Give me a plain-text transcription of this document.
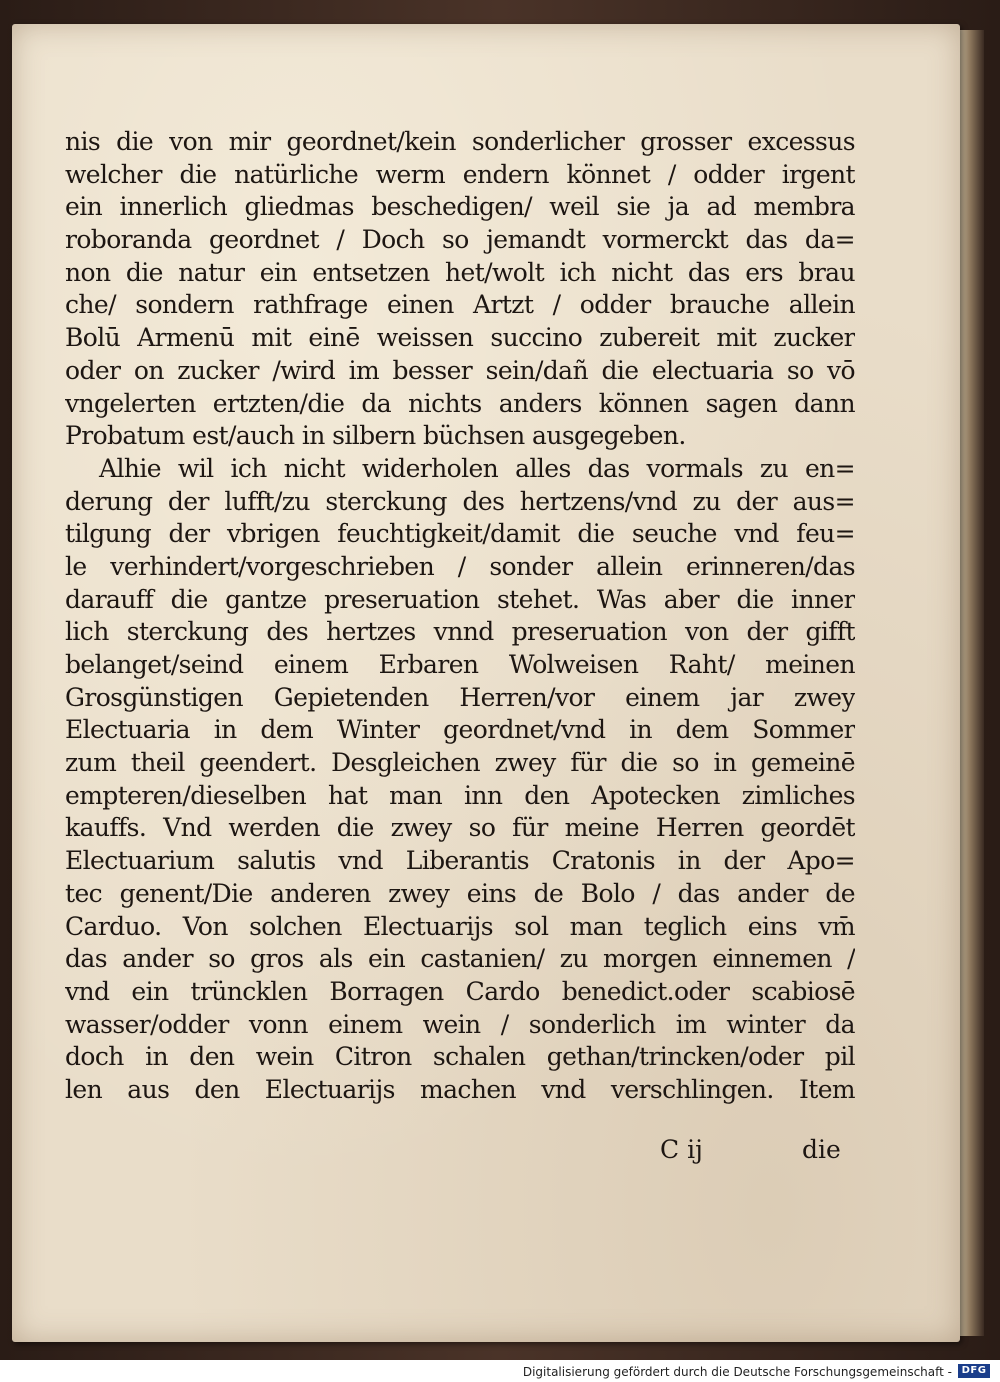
nis die von mir geordnet/kein sonderlicher grosser excessus
welcher die natürliche werm endern könnet / odder irgent
ein innerlich gliedmas beschedigen/ weil sie ja ad membra
roboranda geordnet / Doch so jemandt vormerckt das da=
non die natur ein entsetzen het/wolt ich nicht das ers brau
che/ sondern rathfrage einen Artzt / odder brauche allein
Bolū Armenū mit einē weissen succino zubereit mit zucker
oder on zucker /wird im besser sein/dañ die electuaria so vō
vngelerten ertzten/die da nichts anders können sagen dann
Probatum est/auch in silbern büchsen ausgegeben.
Alhie wil ich nicht widerholen alles das vormals zu en=
derung der lufft/zu sterckung des hertzens/vnd zu der aus=
tilgung der vbrigen feuchtigkeit/damit die seuche vnd feu=
le verhindert/vorgeschrieben / sonder allein erinneren/das
darauff die gantze preseruation stehet. Was aber die inner
lich sterckung des hertzes vnnd preseruation von der gifft
belanget/seind einem Erbaren Wolweisen Raht/ meinen
Grosgünstigen Gepietenden Herren/vor einem jar zwey
Electuaria in dem Winter geordnet/vnd in dem Sommer
zum theil geendert. Desgleichen zwey für die so in gemeinē
empteren/dieselben hat man inn den Apotecken zimliches
kauffs. Vnd werden die zwey so für meine Herren geordēt
Electuarium salutis vnd Liberantis Cratonis in der Apo=
tec genent/Die anderen zwey eins de Bolo / das ander de
Carduo. Von solchen Electuarijs sol man teglich eins vm̄
das ander so gros als ein castanien/ zu morgen einnemen /
vnd ein trüncklen Borragen Cardo benedict.oder scabiosē
wasser/odder vonn einem wein / sonderlich im winter da
doch in den wein Citron schalen gethan/trincken/oder pil
len aus den Electuarijs machen vnd verschlingen. Item
C ij	die
Digitalisierung gefördert durch die Deutsche Forschungsgemeinschaft - DFG
